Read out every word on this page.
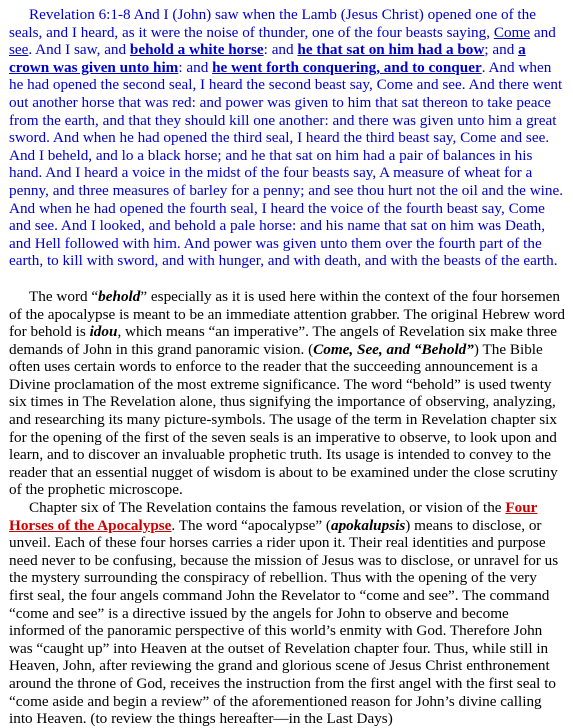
Revelation 6:1-8 And I (John) saw when the Lamb (Jesus Christ) opened one of the seals, and I heard, as it were the noise of thunder, one of the four beasts saying, Come and see. And I saw, and behold a white horse: and he that sat on him had a bow; and a crown was given unto him: and he went forth conquering, and to conquer. And when he had opened the second seal, I heard the second beast say, Come and see. And there went out another horse that was red: and power was given to him that sat thereon to take peace from the earth, and that they should kill one another: and there was given unto him a great sword. And when he had opened the third seal, I heard the third beast say, Come and see. And I beheld, and lo a black horse; and he that sat on him had a pair of balances in his hand. And I heard a voice in the midst of the four beasts say, A measure of wheat for a penny, and three measures of barley for a penny; and see thou hurt not the oil and the wine. And when he had opened the fourth seal, I heard the voice of the fourth beast say, Come and see. And I looked, and behold a pale horse: and his name that sat on him was Death, and Hell followed with him. And power was given unto them over the fourth part of the earth, to kill with sword, and with hunger, and with death, and with the beasts of the earth.

The word “behold” especially as it is used here within the context of the four horsemen of the apocalypse is meant to be an immediate attention grabber. The original Hebrew word for behold is idou, which means “an imperative”. The angels of Revelation six make three demands of John in this grand panoramic vision. (Come, See, and “Behold”) The Bible often uses certain words to enforce to the reader that the succeeding announcement is a Divine proclamation of the most extreme significance. The word “behold” is used twenty six times in The Revelation alone, thus signifying the importance of observing, analyzing, and researching its many picture-symbols. The usage of the term in Revelation chapter six for the opening of the first of the seven seals is an imperative to observe, to look upon and learn, and to discover an invaluable prophetic truth. Its usage is intended to convey to the reader that an essential nugget of wisdom is about to be examined under the close scrutiny of the prophetic microscope.

Chapter six of The Revelation contains the famous revelation, or vision of the Four Horses of the Apocalypse. The word “apocalypse” (apokalupsis) means to disclose, or unveil. Each of these four horses carries a rider upon it. Their real identities and purpose need never to be confusing, because the mission of Jesus was to disclose, or unravel for us the mystery surrounding the conspiracy of rebellion. Thus with the opening of the very first seal, the four angels command John the Revelator to “come and see”. The command “come and see” is a directive issued by the angels for John to observe and become informed of the panoramic perspective of this world’s enmity with God. Therefore John was “caught up” into Heaven at the outset of Revelation chapter four. Thus, while still in Heaven, John, after reviewing the grand and glorious scene of Jesus Christ enthronement around the throne of God, receives the instruction from the first angel with the first seal to “come aside and begin a review” of the aforementioned reason for John’s divine calling into Heaven. (to review the things hereafter—in the Last Days)
